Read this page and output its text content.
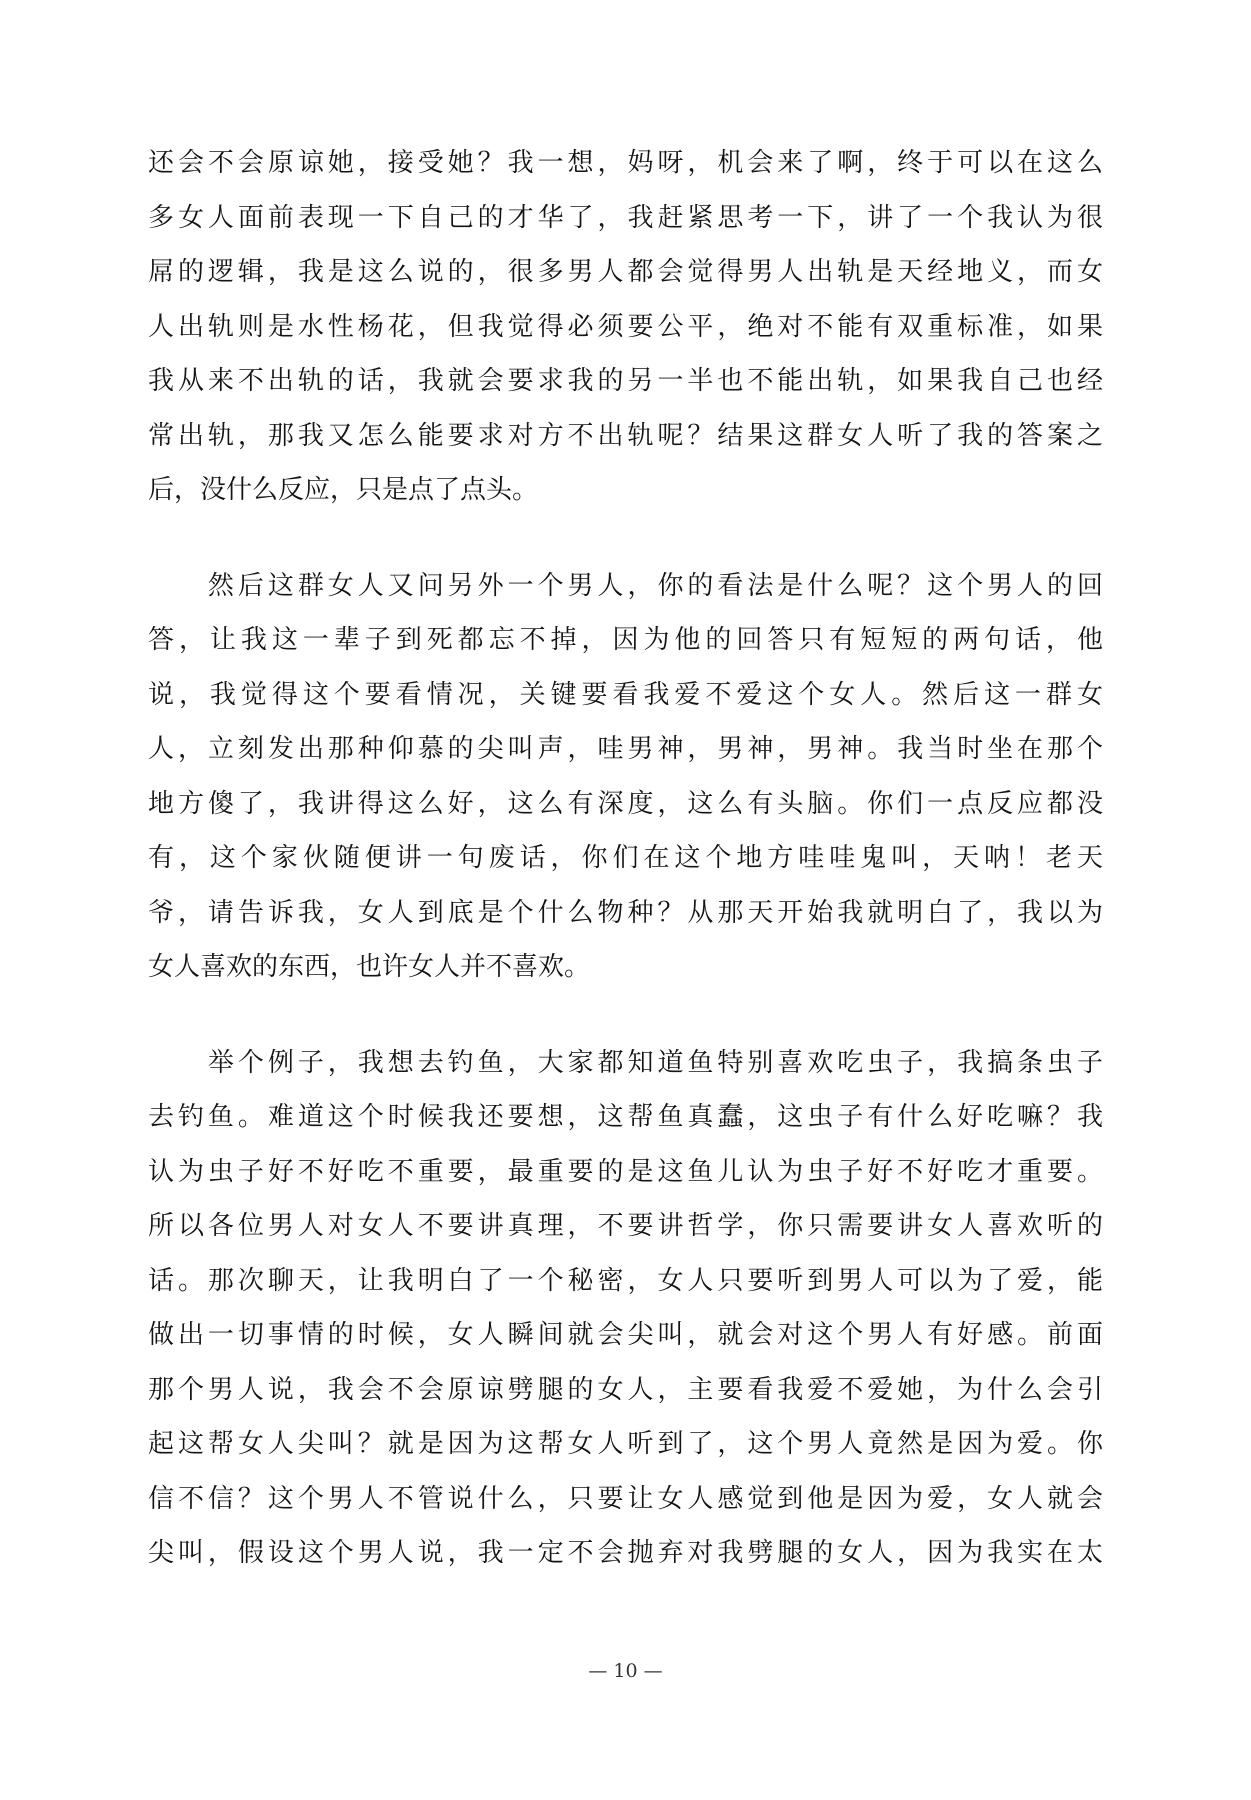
还会不会原谅她，接受她？我一想，妈呀，机会来了啊，终于可以在这么
多女人面前表现一下自己的才华了，我赶紧思考一下，讲了一个我认为很
屌的逻辑，我是这么说的，很多男人都会觉得男人出轨是天经地义，而女
人出轨则是水性杨花，但我觉得必须要公平，绝对不能有双重标准，如果
我从来不出轨的话，我就会要求我的另一半也不能出轨，如果我自己也经
常出轨，那我又怎么能要求对方不出轨呢？结果这群女人听了我的答案之
后，没什么反应，只是点了点头。

　　然后这群女人又问另外一个男人，你的看法是什么呢？这个男人的回
答，让我这一辈子到死都忘不掉，因为他的回答只有短短的两句话，他
说，我觉得这个要看情况，关键要看我爱不爱这个女人。然后这一群女
人，立刻发出那种仰慕的尖叫声，哇男神，男神，男神。我当时坐在那个
地方傻了，我讲得这么好，这么有深度，这么有头脑。你们一点反应都没
有，这个家伙随便讲一句废话，你们在这个地方哇哇鬼叫，天呐！老天
爷，请告诉我，女人到底是个什么物种？从那天开始我就明白了，我以为
女人喜欢的东西，也许女人并不喜欢。

　　举个例子，我想去钓鱼，大家都知道鱼特别喜欢吃虫子，我搞条虫子
去钓鱼。难道这个时候我还要想，这帮鱼真蠢，这虫子有什么好吃嘛？我
认为虫子好不好吃不重要，最重要的是这鱼儿认为虫子好不好吃才重要。
所以各位男人对女人不要讲真理，不要讲哲学，你只需要讲女人喜欢听的
话。那次聊天，让我明白了一个秘密，女人只要听到男人可以为了爱，能
做出一切事情的时候，女人瞬间就会尖叫，就会对这个男人有好感。前面
那个男人说，我会不会原谅劈腿的女人，主要看我爱不爱她，为什么会引
起这帮女人尖叫？就是因为这帮女人听到了，这个男人竟然是因为爱。你
信不信？这个男人不管说什么，只要让女人感觉到他是因为爱，女人就会
尖叫，假设这个男人说，我一定不会抛弃对我劈腿的女人，因为我实在太

— 10 —
